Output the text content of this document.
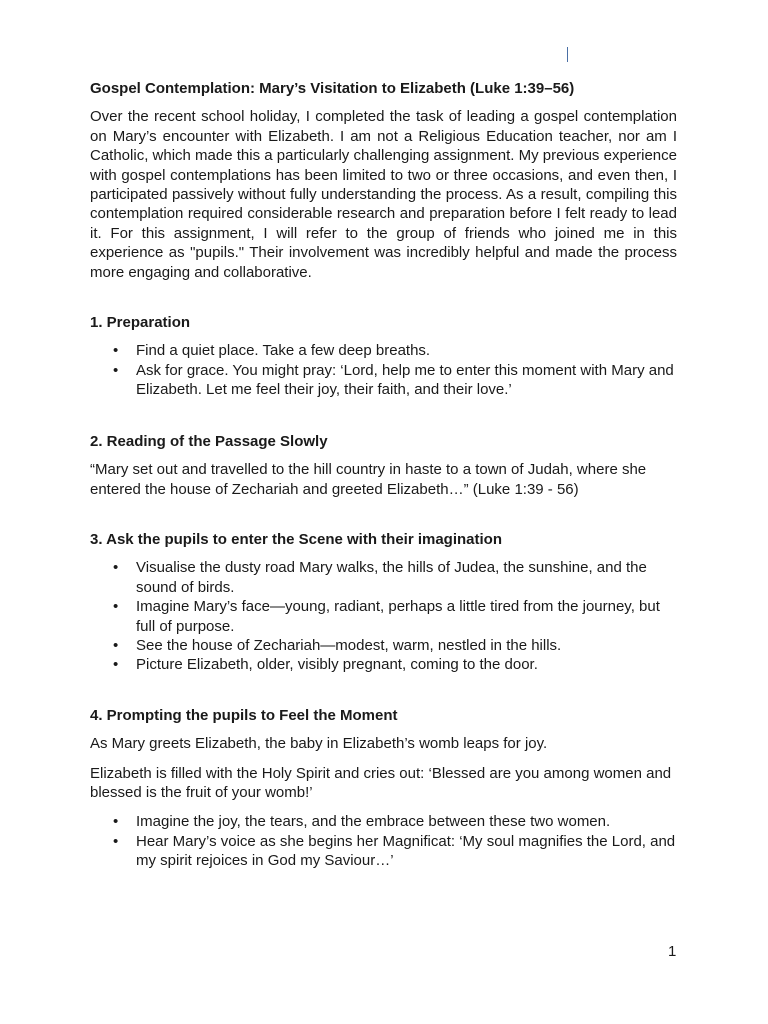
Gospel Contemplation: Mary’s Visitation to Elizabeth (Luke 1:39–56)

Over the recent school holiday, I completed the task of leading a gospel contemplation on Mary’s encounter with Elizabeth. I am not a Religious Education teacher, nor am I Catholic, which made this a particularly challenging assignment. My previous experience with gospel contemplations has been limited to two or three occasions, and even then, I participated passively without fully understanding the process. As a result, compiling this contemplation required considerable research and preparation before I felt ready to lead it. For this assignment, I will refer to the group of friends who joined me in this experience as "pupils." Their involvement was incredibly helpful and made the process more engaging and collaborative.

1. Preparation
• Find a quiet place. Take a few deep breaths.
• Ask for grace. You might pray: ‘Lord, help me to enter this moment with Mary and Elizabeth. Let me feel their joy, their faith, and their love.’
2. Reading of the Passage Slowly

“Mary set out and travelled to the hill country in haste to a town of Judah, where she entered the house of Zechariah and greeted Elizabeth…” (Luke 1:39 - 56)

3. Ask the pupils to enter the Scene with their imagination
• Visualise the dusty road Mary walks, the hills of Judea, the sunshine, and the sound of birds.
• Imagine Mary’s face—young, radiant, perhaps a little tired from the journey, but full of purpose.
• See the house of Zechariah—modest, warm, nestled in the hills.
• Picture Elizabeth, older, visibly pregnant, coming to the door.
4. Prompting the pupils to Feel the Moment

As Mary greets Elizabeth, the baby in Elizabeth’s womb leaps for joy.

Elizabeth is filled with the Holy Spirit and cries out: ‘Blessed are you among women and blessed is the fruit of your womb!’

• Imagine the joy, the tears, and the embrace between these two women.
• Hear Mary’s voice as she begins her Magnificat: ‘My soul magnifies the Lord, and my spirit rejoices in God my Saviour…’
1
